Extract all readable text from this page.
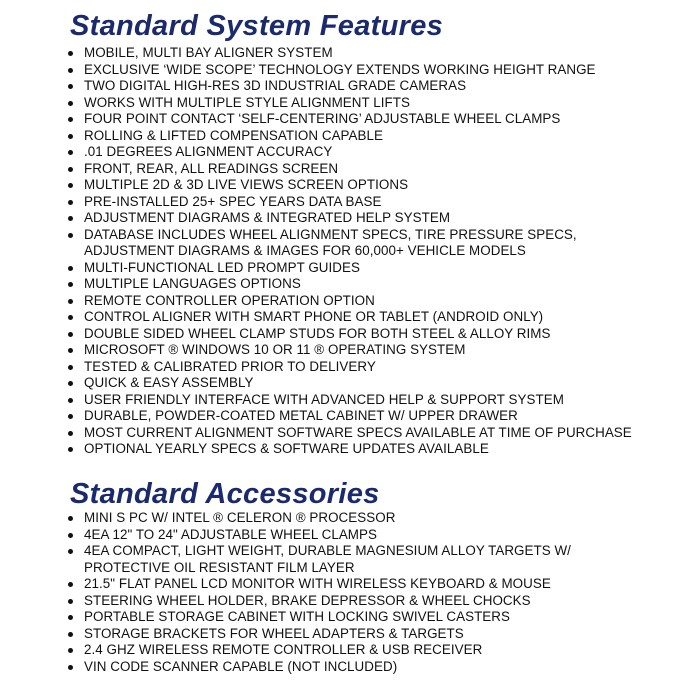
Standard System Features
MOBILE, MULTI BAY ALIGNER SYSTEM
EXCLUSIVE ‘WIDE SCOPE’ TECHNOLOGY EXTENDS WORKING HEIGHT RANGE
TWO DIGITAL HIGH-RES 3D INDUSTRIAL GRADE CAMERAS
WORKS WITH MULTIPLE STYLE ALIGNMENT LIFTS
FOUR POINT CONTACT ‘SELF-CENTERING’ ADJUSTABLE WHEEL CLAMPS
ROLLING & LIFTED COMPENSATION CAPABLE
.01 DEGREES ALIGNMENT ACCURACY
FRONT, REAR, ALL READINGS SCREEN
MULTIPLE 2D & 3D LIVE VIEWS SCREEN OPTIONS
PRE-INSTALLED 25+ SPEC YEARS DATA BASE
ADJUSTMENT DIAGRAMS & INTEGRATED HELP SYSTEM
DATABASE INCLUDES WHEEL ALIGNMENT SPECS, TIRE PRESSURE SPECS,
ADJUSTMENT DIAGRAMS & IMAGES FOR 60,000+ VEHICLE MODELS
MULTI-FUNCTIONAL LED PROMPT GUIDES
MULTIPLE LANGUAGES OPTIONS
REMOTE CONTROLLER OPERATION OPTION
CONTROL ALIGNER WITH SMART PHONE OR TABLET (ANDROID ONLY)
DOUBLE SIDED WHEEL CLAMP STUDS FOR BOTH STEEL & ALLOY RIMS
MICROSOFT ® WINDOWS 10 OR 11 ® OPERATING SYSTEM
TESTED & CALIBRATED PRIOR TO DELIVERY
QUICK & EASY ASSEMBLY
USER FRIENDLY INTERFACE WITH ADVANCED HELP & SUPPORT SYSTEM
DURABLE, POWDER-COATED METAL CABINET W/ UPPER DRAWER
MOST CURRENT ALIGNMENT SOFTWARE SPECS AVAILABLE AT TIME OF PURCHASE
OPTIONAL YEARLY SPECS & SOFTWARE UPDATES AVAILABLE
Standard Accessories
MINI S PC W/ INTEL ® CELERON ® PROCESSOR
4EA 12" TO 24" ADJUSTABLE WHEEL CLAMPS
4EA COMPACT, LIGHT WEIGHT, DURABLE MAGNESIUM ALLOY TARGETS W/
PROTECTIVE OIL RESISTANT FILM LAYER
21.5" FLAT PANEL LCD MONITOR WITH WIRELESS KEYBOARD & MOUSE
STEERING WHEEL HOLDER, BRAKE DEPRESSOR & WHEEL CHOCKS
PORTABLE STORAGE CABINET WITH LOCKING SWIVEL CASTERS
STORAGE BRACKETS FOR WHEEL ADAPTERS & TARGETS
2.4 GHZ WIRELESS REMOTE CONTROLLER & USB RECEIVER
VIN CODE SCANNER CAPABLE (NOT INCLUDED)
